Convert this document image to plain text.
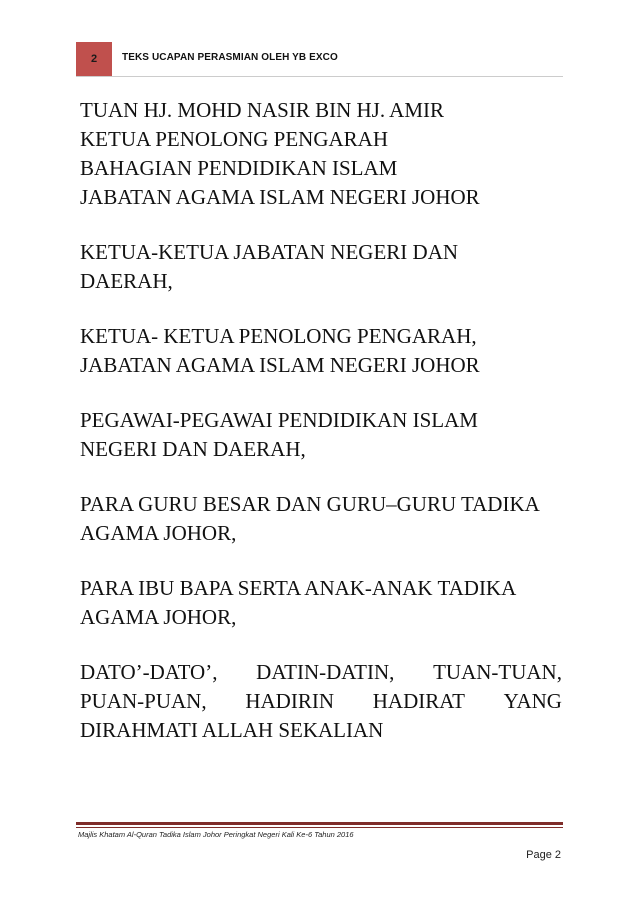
2 TEKS UCAPAN PERASMIAN OLEH YB EXCO

TUAN HJ. MOHD NASIR BIN HJ. AMIR
KETUA PENOLONG PENGARAH
BAHAGIAN PENDIDIKAN ISLAM
JABATAN AGAMA ISLAM NEGERI JOHOR

KETUA-KETUA JABATAN NEGERI DAN
DAERAH,

KETUA- KETUA PENOLONG PENGARAH,
JABATAN AGAMA ISLAM NEGERI JOHOR

PEGAWAI-PEGAWAI PENDIDIKAN ISLAM
NEGERI DAN DAERAH,

PARA GURU BESAR DAN GURU–GURU TADIKA
AGAMA JOHOR,

PARA IBU BAPA SERTA ANAK-ANAK TADIKA
AGAMA JOHOR,

DATO’-DATO’, DATIN-DATIN, TUAN-TUAN,
PUAN-PUAN, HADIRIN HADIRAT YANG
DIRAHMATI ALLAH SEKALIAN

Majlis Khatam Al-Quran Tadika Islam Johor Peringkat Negeri Kali Ke-6 Tahun 2016
Page 2
